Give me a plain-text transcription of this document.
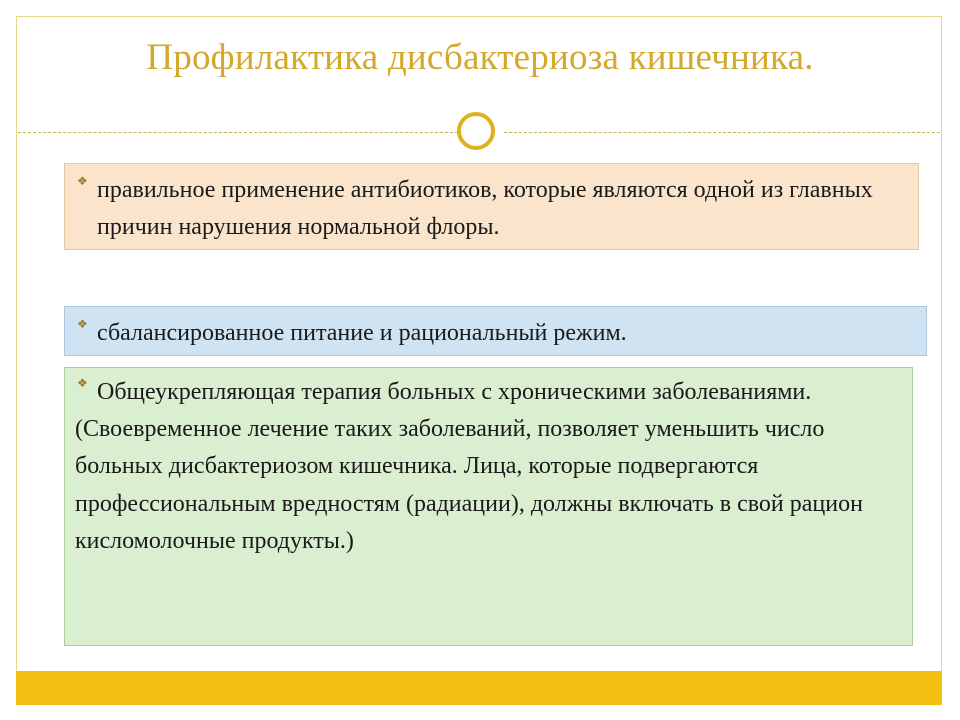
Профилактика дисбактериоза кишечника.
❖ правильное применение антибиотиков, которые являются одной из главных причин нарушения нормальной флоры.
❖ сбалансированное питание и рациональный режим.
❖ Общеукрепляющая терапия больных с хроническими заболеваниями.

(Своевременное лечение таких заболеваний, позволяет уменьшить число больных дисбактериозом кишечника. Лица, которые подвергаются профессиональным вредностям (радиации), должны включать в свой рацион кисломолочные продукты.)
